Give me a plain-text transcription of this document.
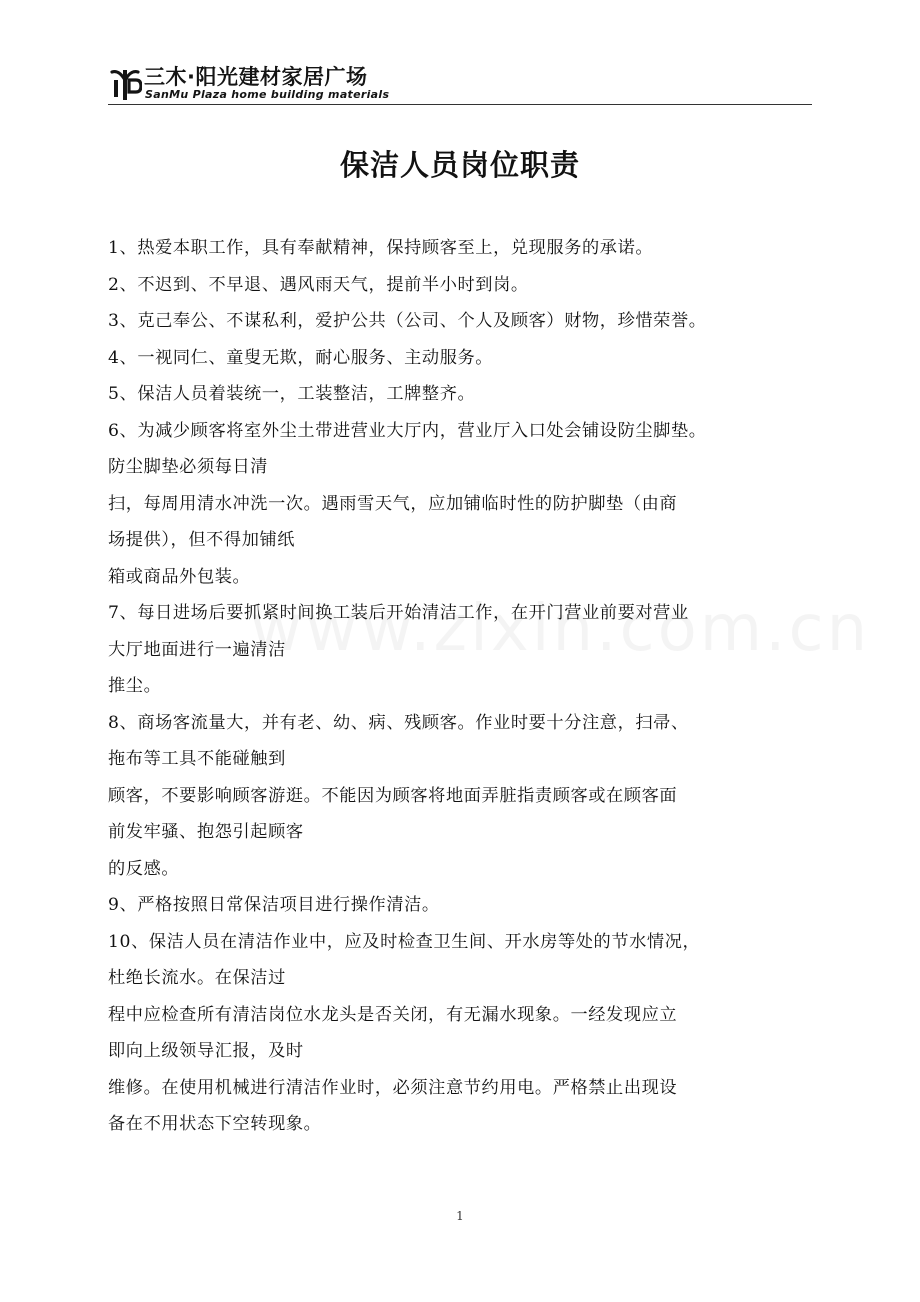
三木·阳光建材家居广场
SanMu Plaza home building materials
保洁人员岗位职责
1、热爱本职工作，具有奉献精神，保持顾客至上，兑现服务的承诺。
2、不迟到、不早退、遇风雨天气，提前半小时到岗。
3、克己奉公、不谋私利，爱护公共（公司、个人及顾客）财物，珍惜荣誉。
4、一视同仁、童叟无欺，耐心服务、主动服务。
5、保洁人员着装统一，工装整洁，工牌整齐。
6、为减少顾客将室外尘土带进营业大厅内，营业厅入口处会铺设防尘脚垫。
防尘脚垫必须每日清
扫，每周用清水冲洗一次。遇雨雪天气，应加铺临时性的防护脚垫（由商
场提供），但不得加铺纸
箱或商品外包装。
7、每日进场后要抓紧时间换工装后开始清洁工作，在开门营业前要对营业
大厅地面进行一遍清洁
推尘。
8、商场客流量大，并有老、幼、病、残顾客。作业时要十分注意，扫帚、
拖布等工具不能碰触到
顾客，不要影响顾客游逛。不能因为顾客将地面弄脏指责顾客或在顾客面
前发牢骚、抱怨引起顾客
的反感。
9、严格按照日常保洁项目进行操作清洁。
10、保洁人员在清洁作业中，应及时检查卫生间、开水房等处的节水情况，
杜绝长流水。在保洁过
程中应检查所有清洁岗位水龙头是否关闭，有无漏水现象。一经发现应立
即向上级领导汇报，及时
维修。在使用机械进行清洁作业时，必须注意节约用电。严格禁止出现设
备在不用状态下空转现象。
1
